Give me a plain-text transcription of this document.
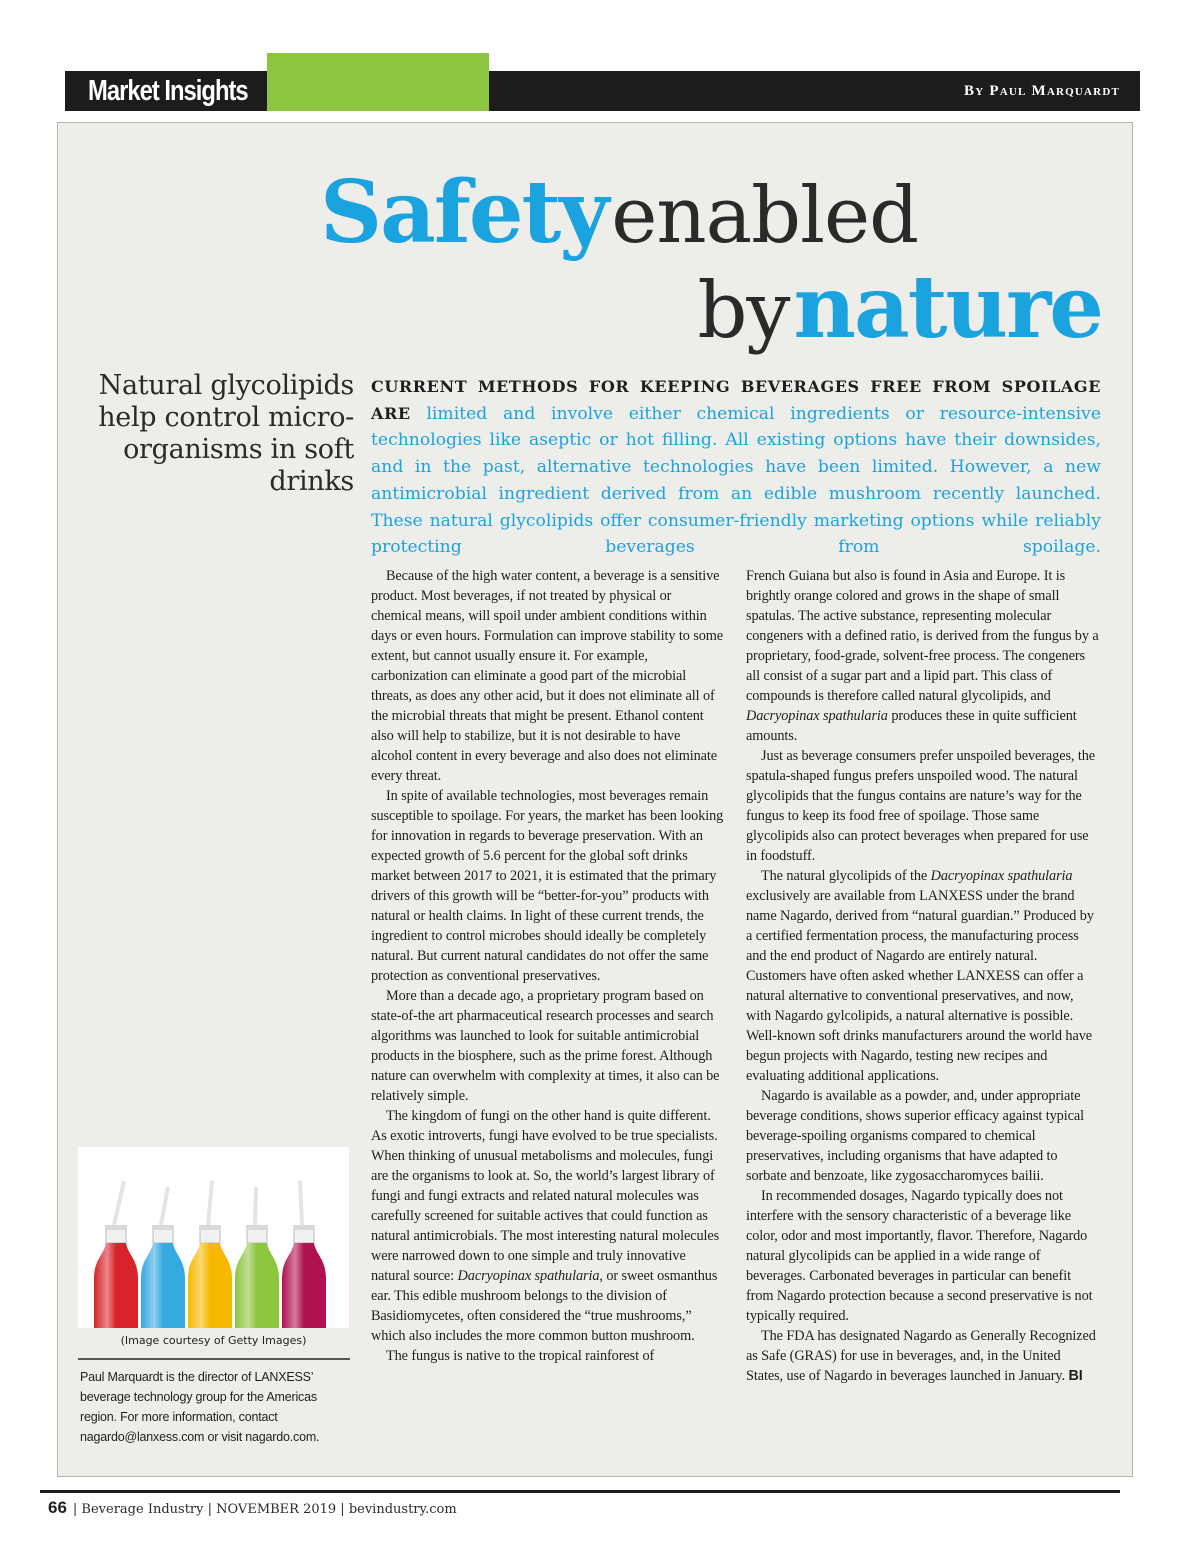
Market Insights	By Paul Marquardt
Safety enabled
by nature
Natural glycolipids help control micro-organisms in soft drinks
CURRENT METHODS FOR KEEPING BEVERAGES FREE FROM SPOILAGE ARE limited and involve either chemical ingredients or resource-intensive technologies like aseptic or hot filling. All existing options have their downsides, and in the past, alternative technologies have been limited. However, a new antimicrobial ingredient derived from an edible mushroom recently launched. These natural glycolipids offer consumer-friendly marketing options while reliably protecting beverages from spoilage.

Because of the high water content, a beverage is a sensitive product. Most beverages, if not treated by physical or chemical means, will spoil under ambient conditions within days or even hours. Formulation can improve stability to some extent, but cannot usually ensure it. For example, carbonization can eliminate a good part of the microbial threats, as does any other acid, but it does not eliminate all of the microbial threats that might be present. Ethanol content also will help to stabilize, but it is not desirable to have alcohol content in every beverage and also does not eliminate every threat.

In spite of available technologies, most beverages remain susceptible to spoilage. For years, the market has been looking for innovation in regards to beverage preservation. With an expected growth of 5.6 percent for the global soft drinks market between 2017 to 2021, it is estimated that the primary drivers of this growth will be “better-for-you” products with natural or health claims. In light of these current trends, the ingredient to control microbes should ideally be completely natural. But current natural candidates do not offer the same protection as conventional preservatives.

More than a decade ago, a proprietary program based on state-of-the art pharmaceutical research processes and search algorithms was launched to look for suitable antimicrobial products in the biosphere, such as the prime forest. Although nature can overwhelm with complexity at times, it also can be relatively simple.

The kingdom of fungi on the other hand is quite different. As exotic introverts, fungi have evolved to be true specialists. When thinking of unusual metabolisms and molecules, fungi are the organisms to look at. So, the world’s largest library of fungi and fungi extracts and related natural molecules was carefully screened for suitable actives that could function as natural antimicrobials. The most interesting natural molecules were narrowed down to one simple and truly innovative natural source: Dacryopinax spathularia, or sweet osmanthus ear. This edible mushroom belongs to the division of Basidiomycetes, often considered the “true mushrooms,” which also includes the more common button mushroom.

The fungus is native to the tropical rainforest of

French Guiana but also is found in Asia and Europe. It is brightly orange colored and grows in the shape of small spatulas. The active substance, representing molecular congeners with a defined ratio, is derived from the fungus by a proprietary, food-grade, solvent-free process. The congeners all consist of a sugar part and a lipid part. This class of compounds is therefore called natural glycolipids, and Dacryopinax spathularia produces these in quite sufficient amounts.

Just as beverage consumers prefer unspoiled beverages, the spatula-shaped fungus prefers unspoiled wood. The natural glycolipids that the fungus contains are nature’s way for the fungus to keep its food free of spoilage. Those same glycolipids also can protect beverages when prepared for use in foodstuff.

The natural glycolipids of the Dacryopinax spathularia exclusively are available from LANXESS under the brand name Nagardo, derived from “natural guardian.” Produced by a certified fermentation process, the manufacturing process and the end product of Nagardo are entirely natural. Customers have often asked whether LANXESS can offer a natural alternative to conventional preservatives, and now, with Nagardo gylcolipids, a natural alternative is possible. Well-known soft drinks manufacturers around the world have begun projects with Nagardo, testing new recipes and evaluating additional applications.

Nagardo is available as a powder, and, under appropriate beverage conditions, shows superior efficacy against typical beverage-spoiling organisms compared to chemical preservatives, including organisms that have adapted to sorbate and benzoate, like zygosaccharomyces bailii.

In recommended dosages, Nagardo typically does not interfere with the sensory characteristic of a beverage like color, odor and most importantly, flavor. Therefore, Nagardo natural glycolipids can be applied in a wide range of beverages. Carbonated beverages in particular can benefit from Nagardo protection because a second preservative is not typically required.

The FDA has designated Nagardo as Generally Recognized as Safe (GRAS) for use in beverages, and, in the United States, use of Nagardo in beverages launched in January. BI

(Image courtesy of Getty Images)
Paul Marquardt is the director of LANXESS’ beverage technology group for the Americas region. For more information, contact nagardo@lanxess.com or visit nagardo.com.
66 | Beverage Industry | NOVEMBER 2019 | bevindustry.com
